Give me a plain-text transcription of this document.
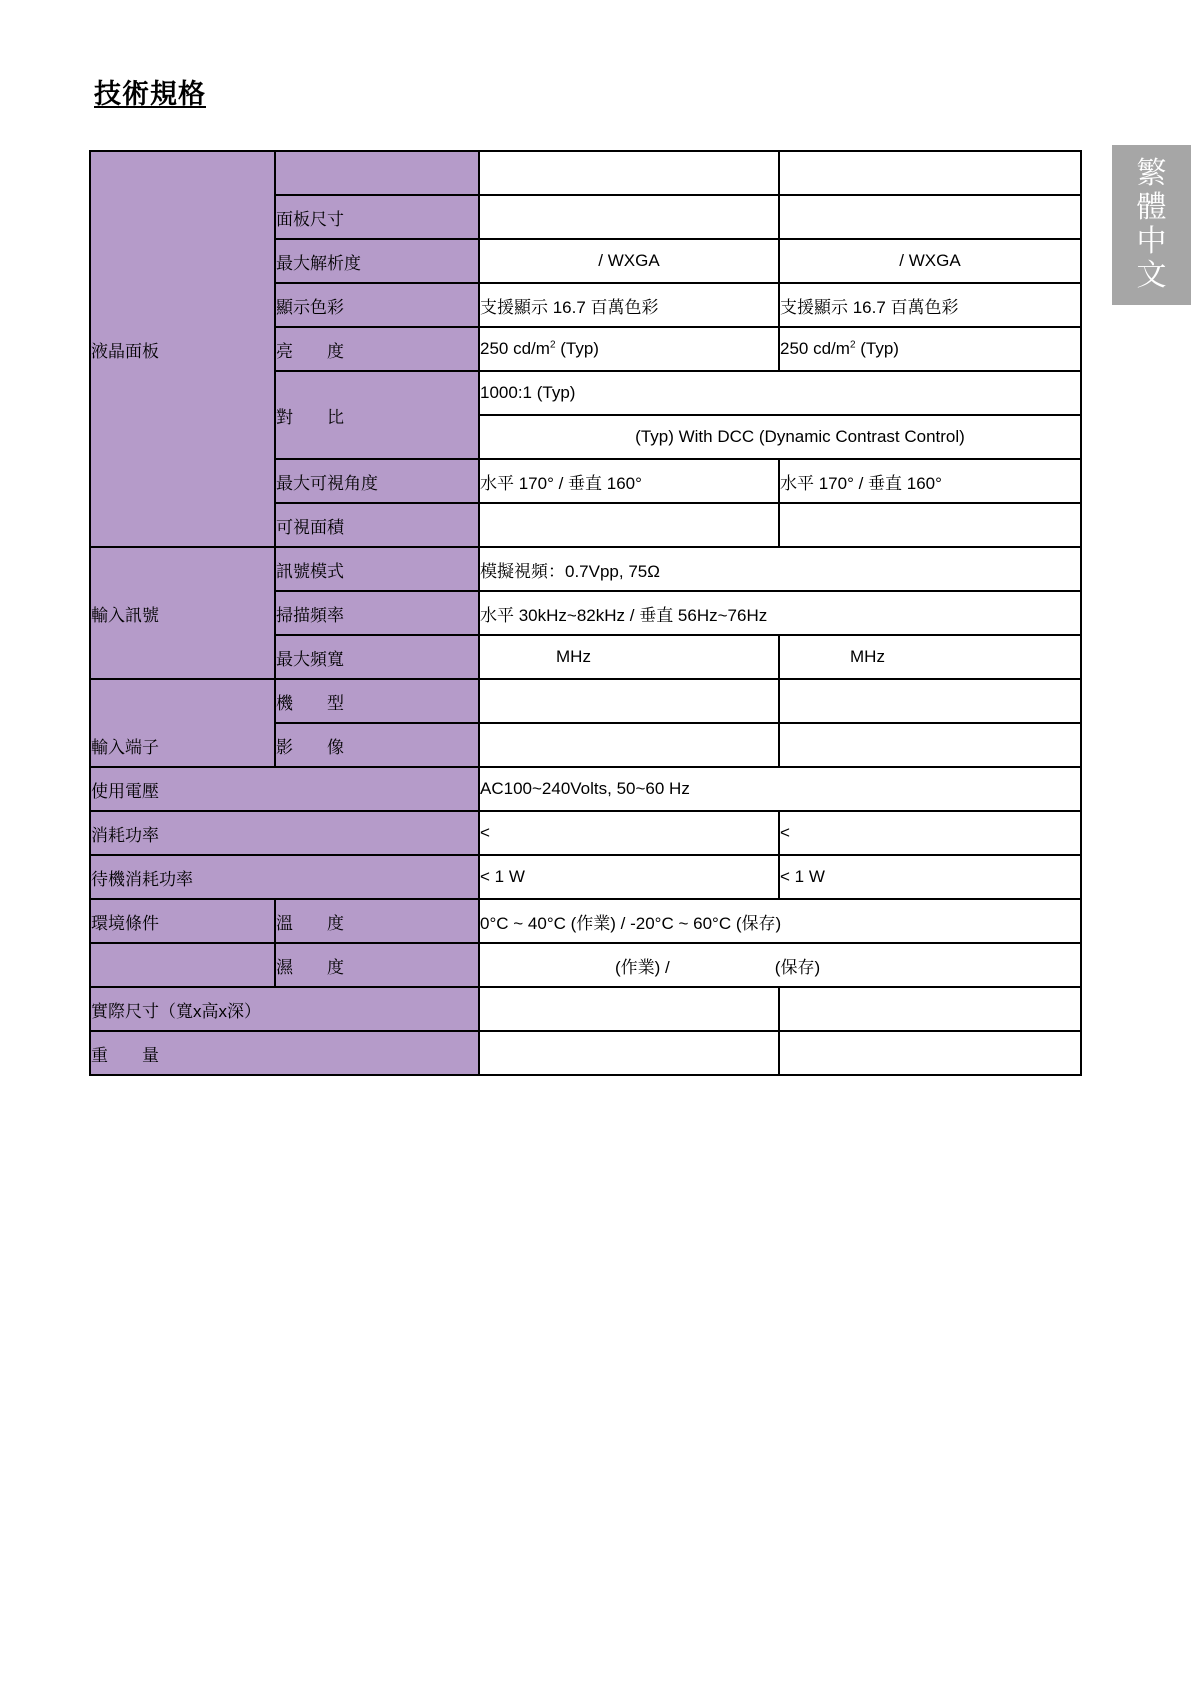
技術規格
繁體中文
液晶面板			
	面板尺寸		
	最大解析度	/ WXGA	/ WXGA
	顯示色彩	支援顯示 16.7 百萬色彩	支援顯示 16.7 百萬色彩
	亮　　度	250 $cd/m^2$ (Typ)	250 $cd/m^2$ (Typ)
	對　　比	1000:1 (Typ)	
		(Typ) With DCC (Dynamic Contrast Control)	
	最大可視角度	水平 170° / 垂直 160°	水平 170° / 垂直 160°
	可視面積		
輸入訊號	訊號模式	模擬視頻：0.7Vpp, 75Ω	
	掃描頻率	水平 30kHz~82kHz / 垂直 56Hz~76Hz	
	最大頻寬	MHz	MHz
輸入端子	機　　型		
	影　　像		
使用電壓		AC100~240Volts, 50~60 Hz	
消耗功率		<	<
待機消耗功率		< 1 W	< 1 W
環境條件	溫　　度	0°C ~ 40°C (作業) / -20°C ~ 60°C (保存)	
	濕　　度	(作業) / (保存)	
實際尺寸（寬x高x深）			
重　　量			
